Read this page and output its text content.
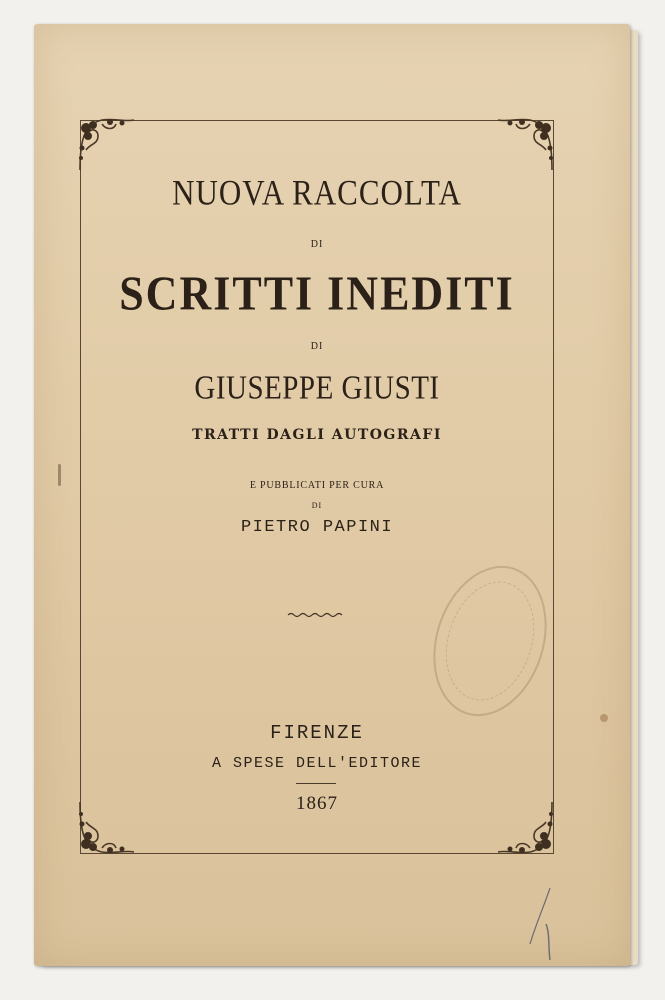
NUOVA RACCOLTA

DI

SCRITTI INEDITI

DI

GIUSEPPE GIUSTI

TRATTI DAGLI AUTOGRAFI

E PUBBLICATI PER CURA

DI

PIETRO PAPINI

FIRENZE

A SPESE DELL'EDITORE

1867
